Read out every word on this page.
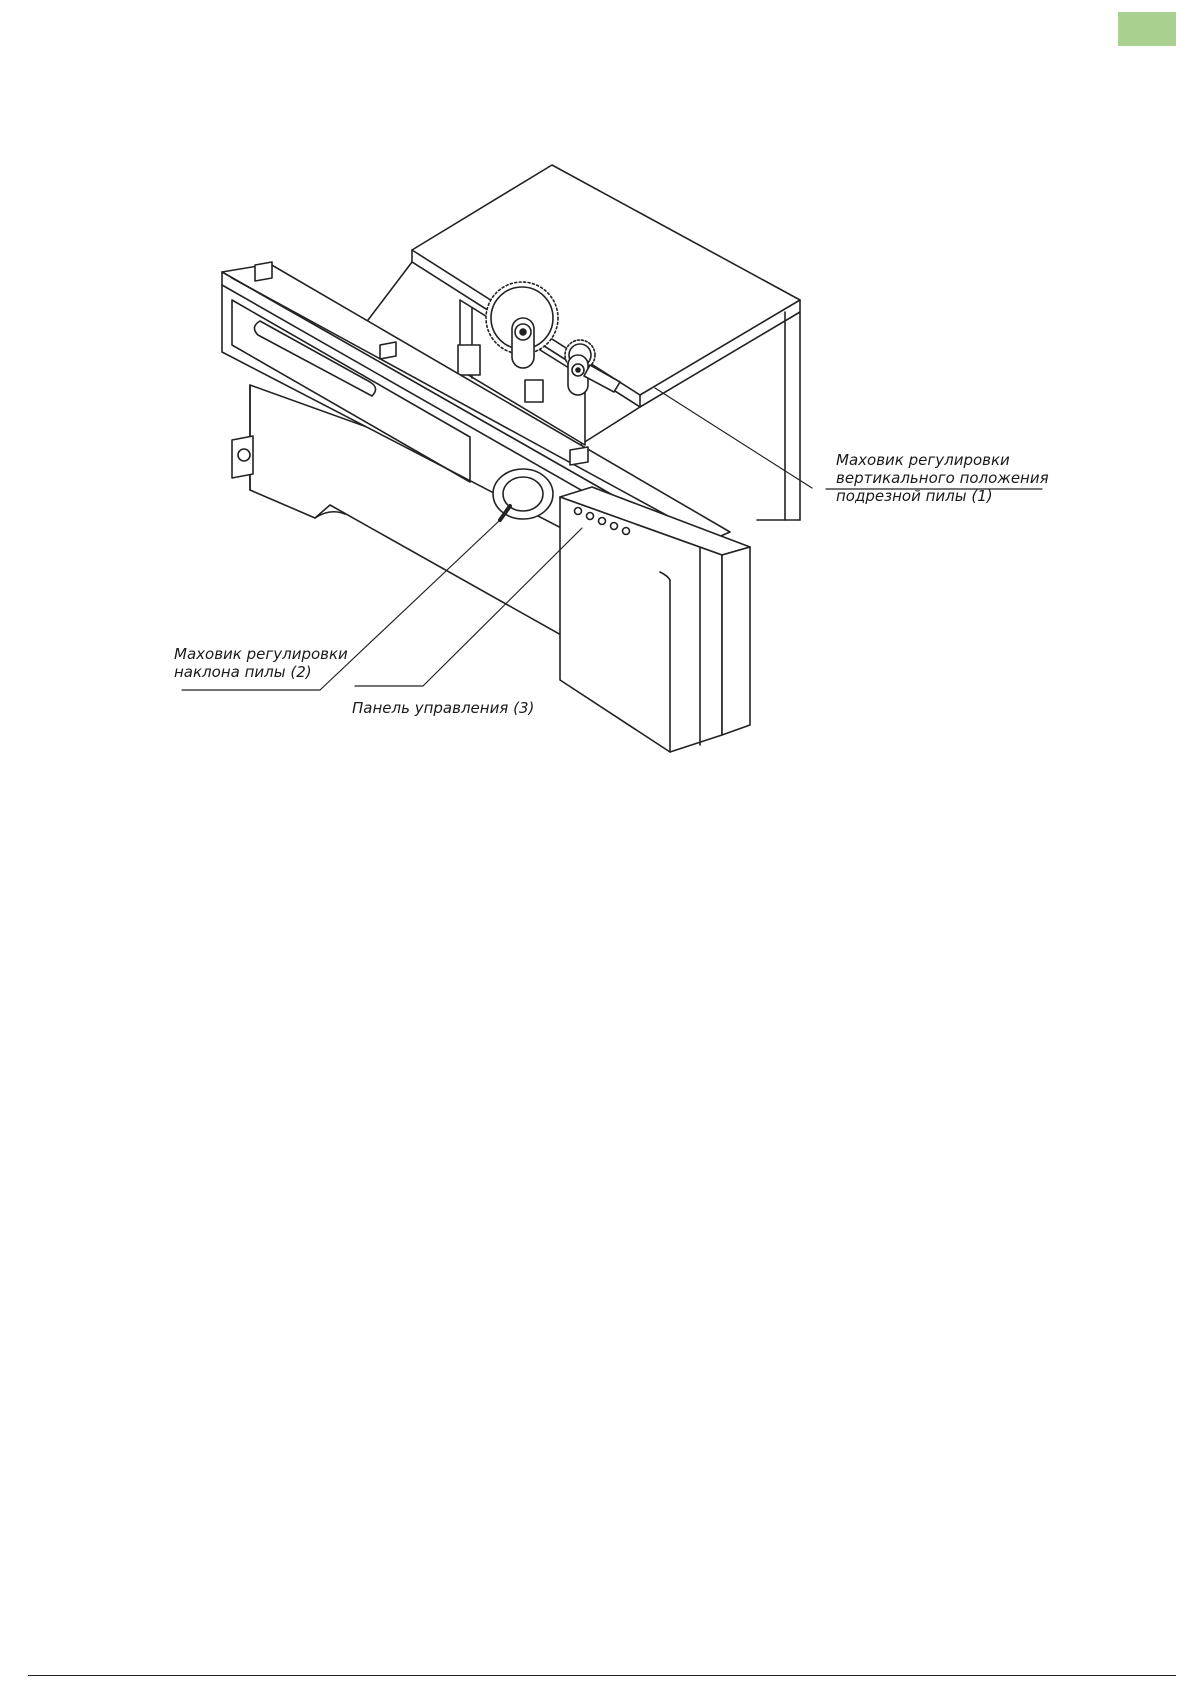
Маховик регулировки
вертикального положения
подрезной пилы (1)
Маховик регулировки
наклона пилы (2)
Панель управления (3)
